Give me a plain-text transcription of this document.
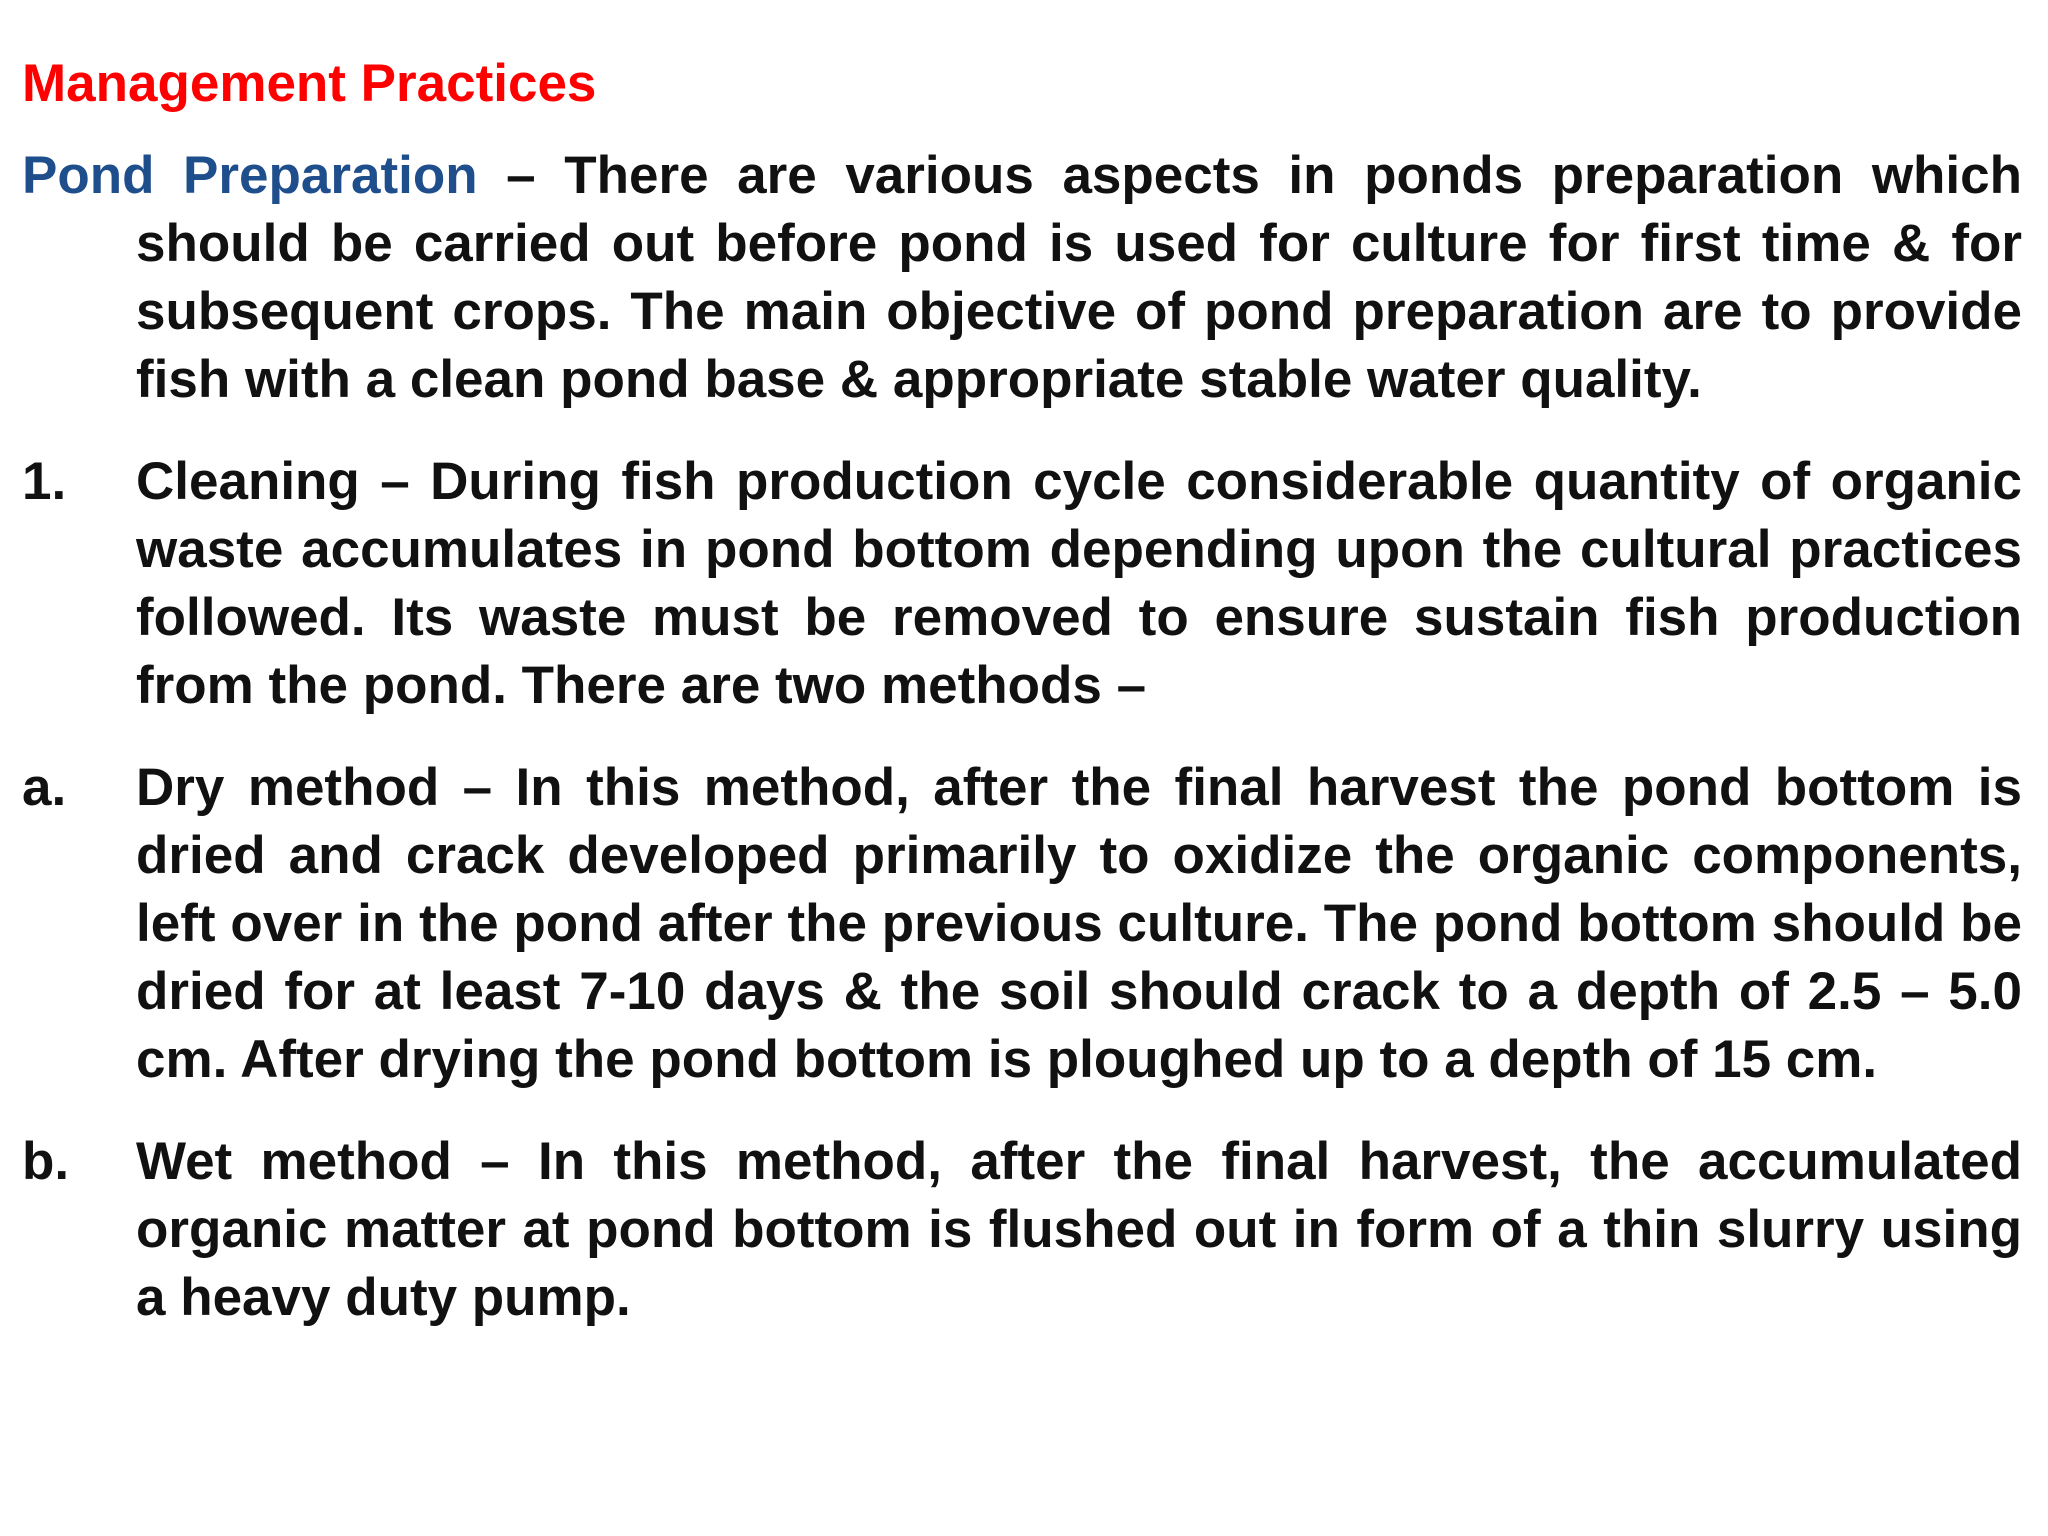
Management Practices
Pond Preparation – There are various aspects in ponds preparation which should be carried out before pond is used for culture for first time & for subsequent crops. The main objective of pond preparation are to provide fish with a clean pond base & appropriate stable water quality.
1.	Cleaning – During fish production cycle considerable quantity of organic waste accumulates in pond bottom depending upon the cultural practices followed. Its waste must be removed to ensure sustain fish production from the pond. There are two methods –
a.	Dry method – In this method, after the final harvest the pond bottom is dried and crack developed primarily to oxidize the organic components, left over in the pond after the previous culture. The pond bottom should be dried for at least 7-10 days & the soil should crack to a depth of 2.5 – 5.0 cm. After drying the pond bottom is ploughed up to a depth of 15 cm.
b.	Wet method – In this method, after the final harvest, the accumulated organic matter at pond bottom is flushed out in form of a thin slurry using a heavy duty pump.
